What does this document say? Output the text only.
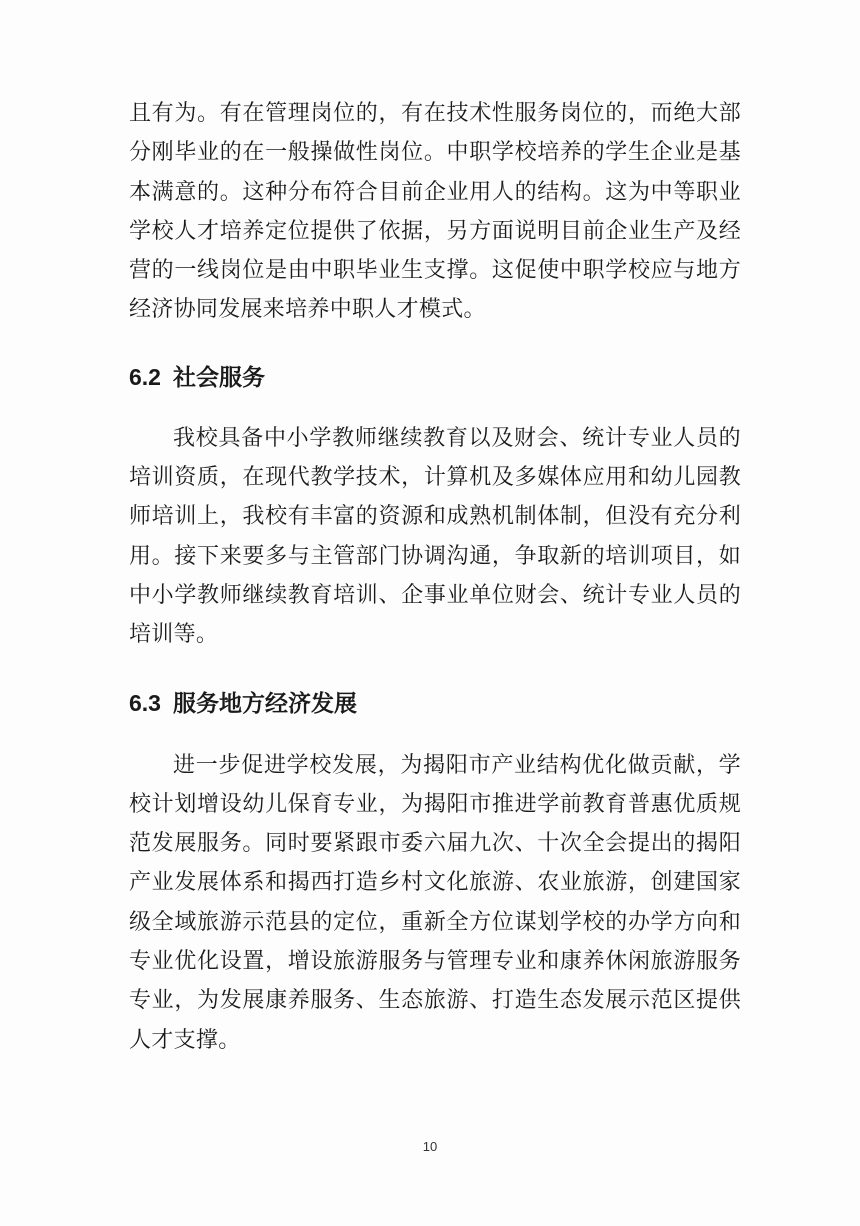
且有为。有在管理岗位的，有在技术性服务岗位的，而绝大部分刚毕业的在一般操做性岗位。中职学校培养的学生企业是基本满意的。这种分布符合目前企业用人的结构。这为中等职业学校人才培养定位提供了依据，另方面说明目前企业生产及经营的一线岗位是由中职毕业生支撑。这促使中职学校应与地方经济协同发展来培养中职人才模式。

6.2 社会服务

我校具备中小学教师继续教育以及财会、统计专业人员的培训资质，在现代教学技术，计算机及多媒体应用和幼儿园教师培训上，我校有丰富的资源和成熟机制体制，但没有充分利用。接下来要多与主管部门协调沟通，争取新的培训项目，如中小学教师继续教育培训、企事业单位财会、统计专业人员的培训等。

6.3 服务地方经济发展

进一步促进学校发展，为揭阳市产业结构优化做贡献，学校计划增设幼儿保育专业，为揭阳市推进学前教育普惠优质规范发展服务。同时要紧跟市委六届九次、十次全会提出的揭阳产业发展体系和揭西打造乡村文化旅游、农业旅游，创建国家级全域旅游示范县的定位，重新全方位谋划学校的办学方向和专业优化设置，增设旅游服务与管理专业和康养休闲旅游服务专业，为发展康养服务、生态旅游、打造生态发展示范区提供人才支撑。

10
